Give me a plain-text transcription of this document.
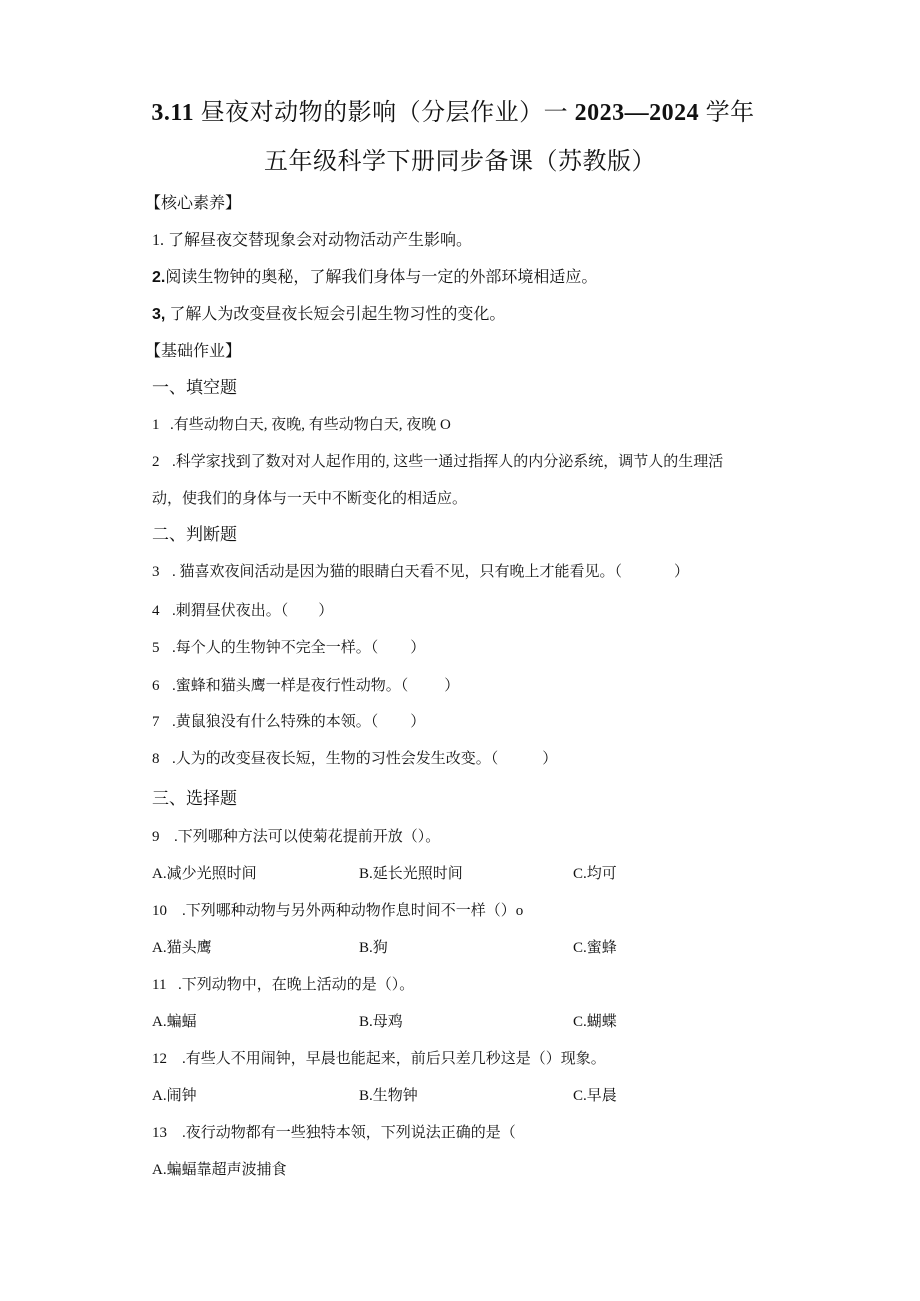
3.11 昼夜对动物的影响（分层作业）一 2023—2024 学年
五年级科学下册同步备课（苏教版）
【核心素养】
1. 了解昼夜交替现象会对动物活动产生影响。
2.阅读生物钟的奥秘，了解我们身体与一定的外部环境相适应。
3, 了解人为改变昼夜长短会引起生物习性的变化。
【基础作业】
一、填空题
1 .有些动物白天, 夜晚, 有些动物白天, 夜晚 O
2 .科学家找到了数对对人起作用的, 这些一通过指挥人的内分泌系统，调节人的生理活
动，使我们的身体与一天中不断变化的相适应。
二、判断题
3 . 猫喜欢夜间活动是因为猫的眼睛白天看不见，只有晚上才能看见。（	）
4 .刺猬昼伏夜出。（ ）
5 .每个人的生物钟不完全一样。（ ）
6 .蜜蜂和猫头鹰一样是夜行性动物。（ ）
7 .黄鼠狼没有什么特殊的本领。（ ）
8 .人为的改变昼夜长短，生物的习性会发生改变。（	）
三、选择题
9 .下列哪种方法可以使菊花提前开放（）。
A.减少光照时间	B.延长光照时间	C.均可
10 .下列哪种动物与另外两种动物作息时间不一样（）o
A.猫头鹰	B.狗	C.蜜蜂
11 .下列动物中，在晚上活动的是（）。
A.蝙蝠	B.母鸡	C.蝴蝶
12 .有些人不用闹钟，早晨也能起来，前后只差几秒这是（）现象。
A.闹钟	B.生物钟	C.早晨
13 .夜行动物都有一些独特本领，下列说法正确的是（
A.蝙蝠靠超声波捕食
